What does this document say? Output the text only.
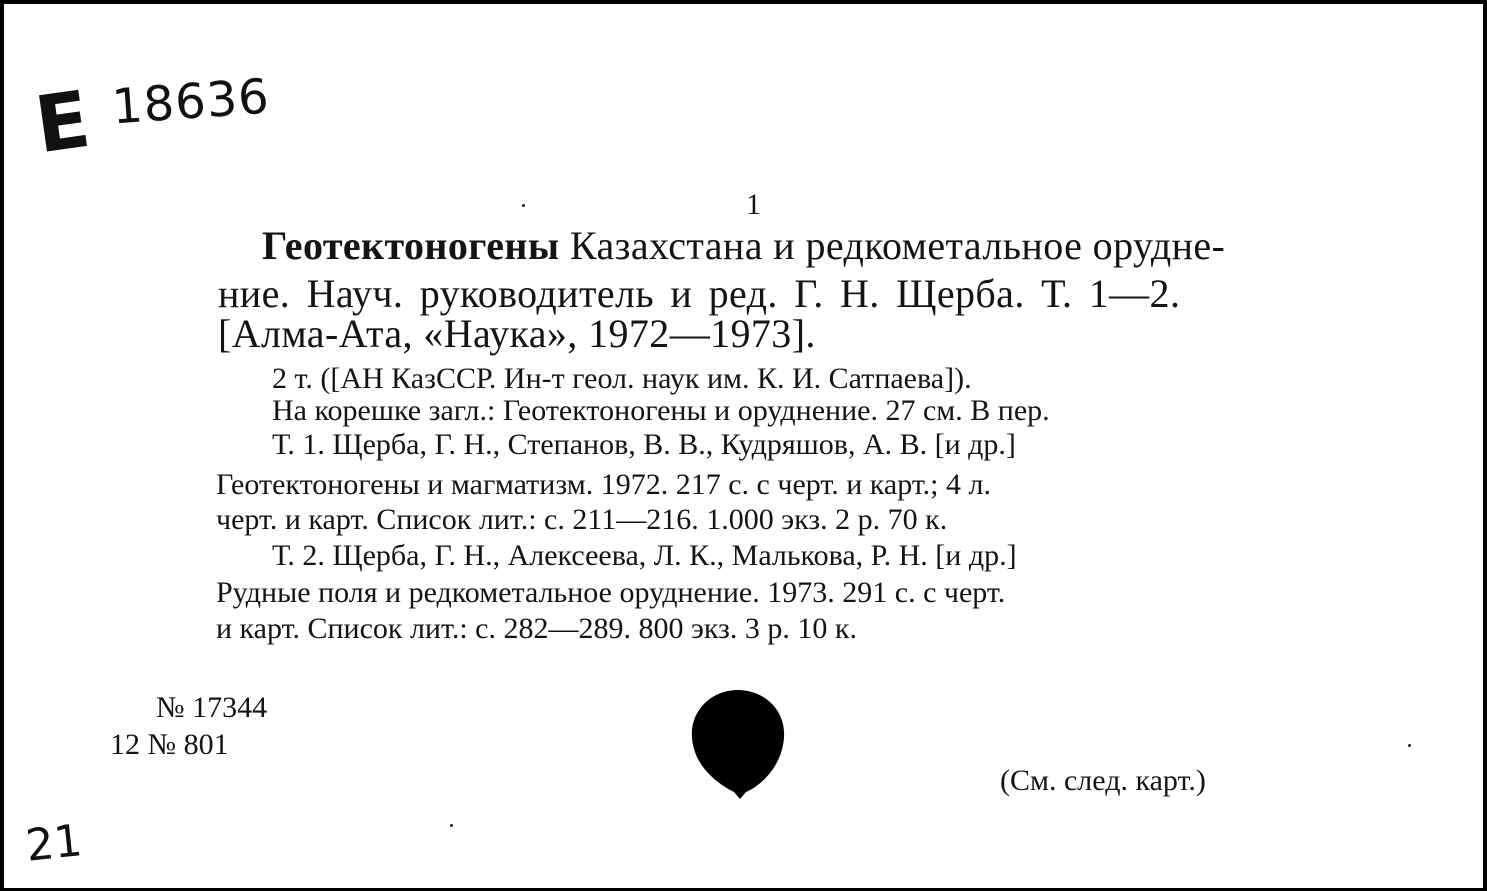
E 18636
1
Геотектоногены Казахстана и редкометальное орудне-
ние. Науч. руководитель и ред. Г. Н. Щерба. Т. 1—2.
[Алма-Ата, «Наука», 1972—1973].
2 т. ([АН КазССР. Ин-т геол. наук им. К. И. Сатпаева]).
На корешке загл.: Геотектоногены и оруднение. 27 см. В пер.
Т. 1. Щерба, Г. Н., Степанов, В. В., Кудряшов, А. В. [и др.]
Геотектоногены и магматизм. 1972. 217 с. с черт. и карт.; 4 л.
черт. и карт. Список лит.: с. 211—216. 1.000 экз. 2 р. 70 к.
Т. 2. Щерба, Г. Н., Алексеева, Л. К., Малькова, Р. Н. [и др.]
Рудные поля и редкометальное оруднение. 1973. 291 с. с черт.
и карт. Список лит.: с. 282—289. 800 экз. 3 р. 10 к.
№ 17344
12 № 801
(См. след. карт.)
21
